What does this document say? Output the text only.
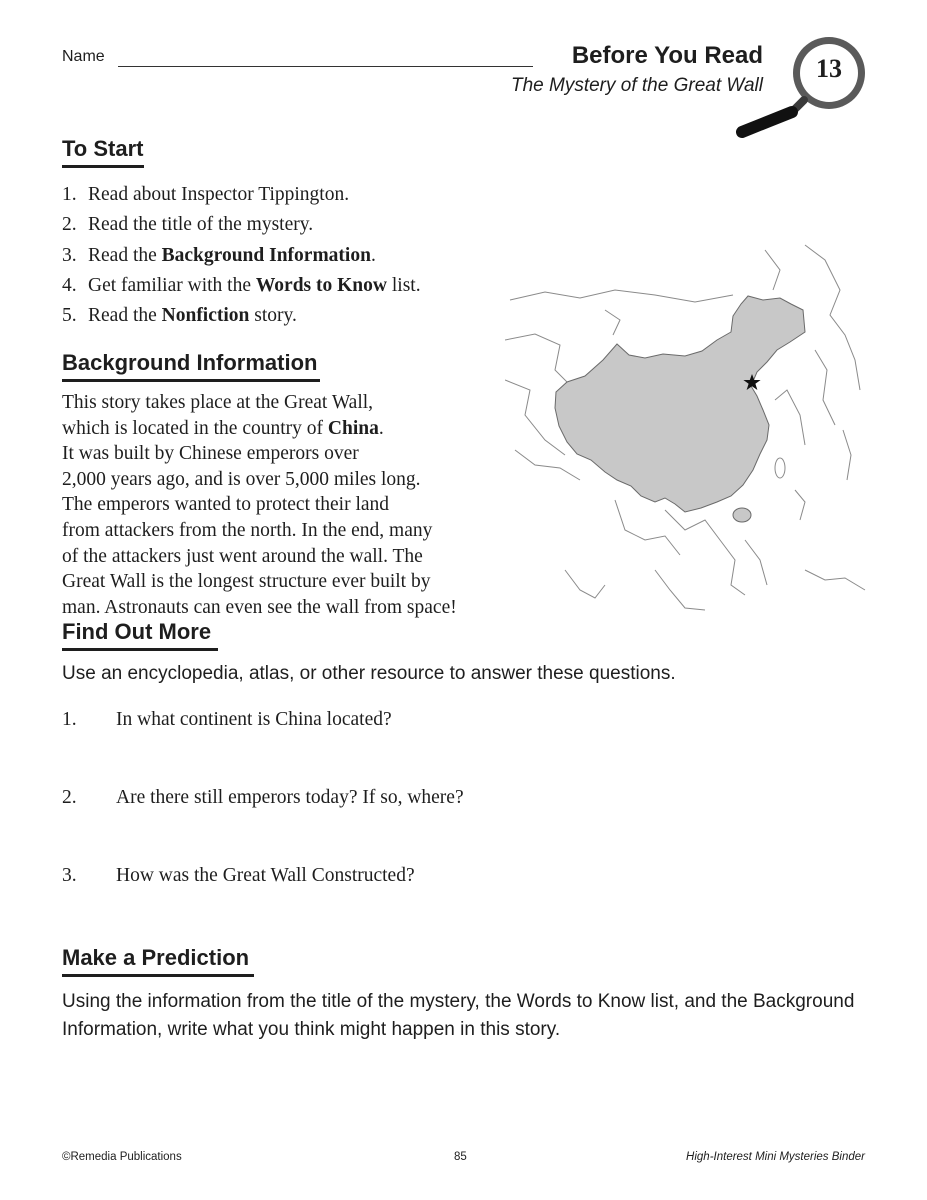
Name	Before You Read
The Mystery of the Great Wall
13
To Start
1. Read about Inspector Tippington.
2. Read the title of the mystery.
3. Read the Background Information.
4. Get familiar with the Words to Know list.
5. Read the Nonfiction story.
Background Information
This story takes place at the Great Wall,
which is located in the country of China.
It was built by Chinese emperors over
2,000 years ago, and is over 5,000 miles long.
The emperors wanted to protect their land
from attackers from the north. In the end, many
of the attackers just went around the wall. The
Great Wall is the longest structure ever built by
man. Astronauts can even see the wall from space!
Find Out More
Use an encyclopedia, atlas, or other resource to answer these questions.
1. In what continent is China located?
2. Are there still emperors today? If so, where?
3. How was the Great Wall Constructed?
Make a Prediction
Using the information from the title of the mystery, the Words to Know list, and the Background Information, write what you think might happen in this story.
©Remedia Publications	85	High-Interest Mini Mysteries Binder
